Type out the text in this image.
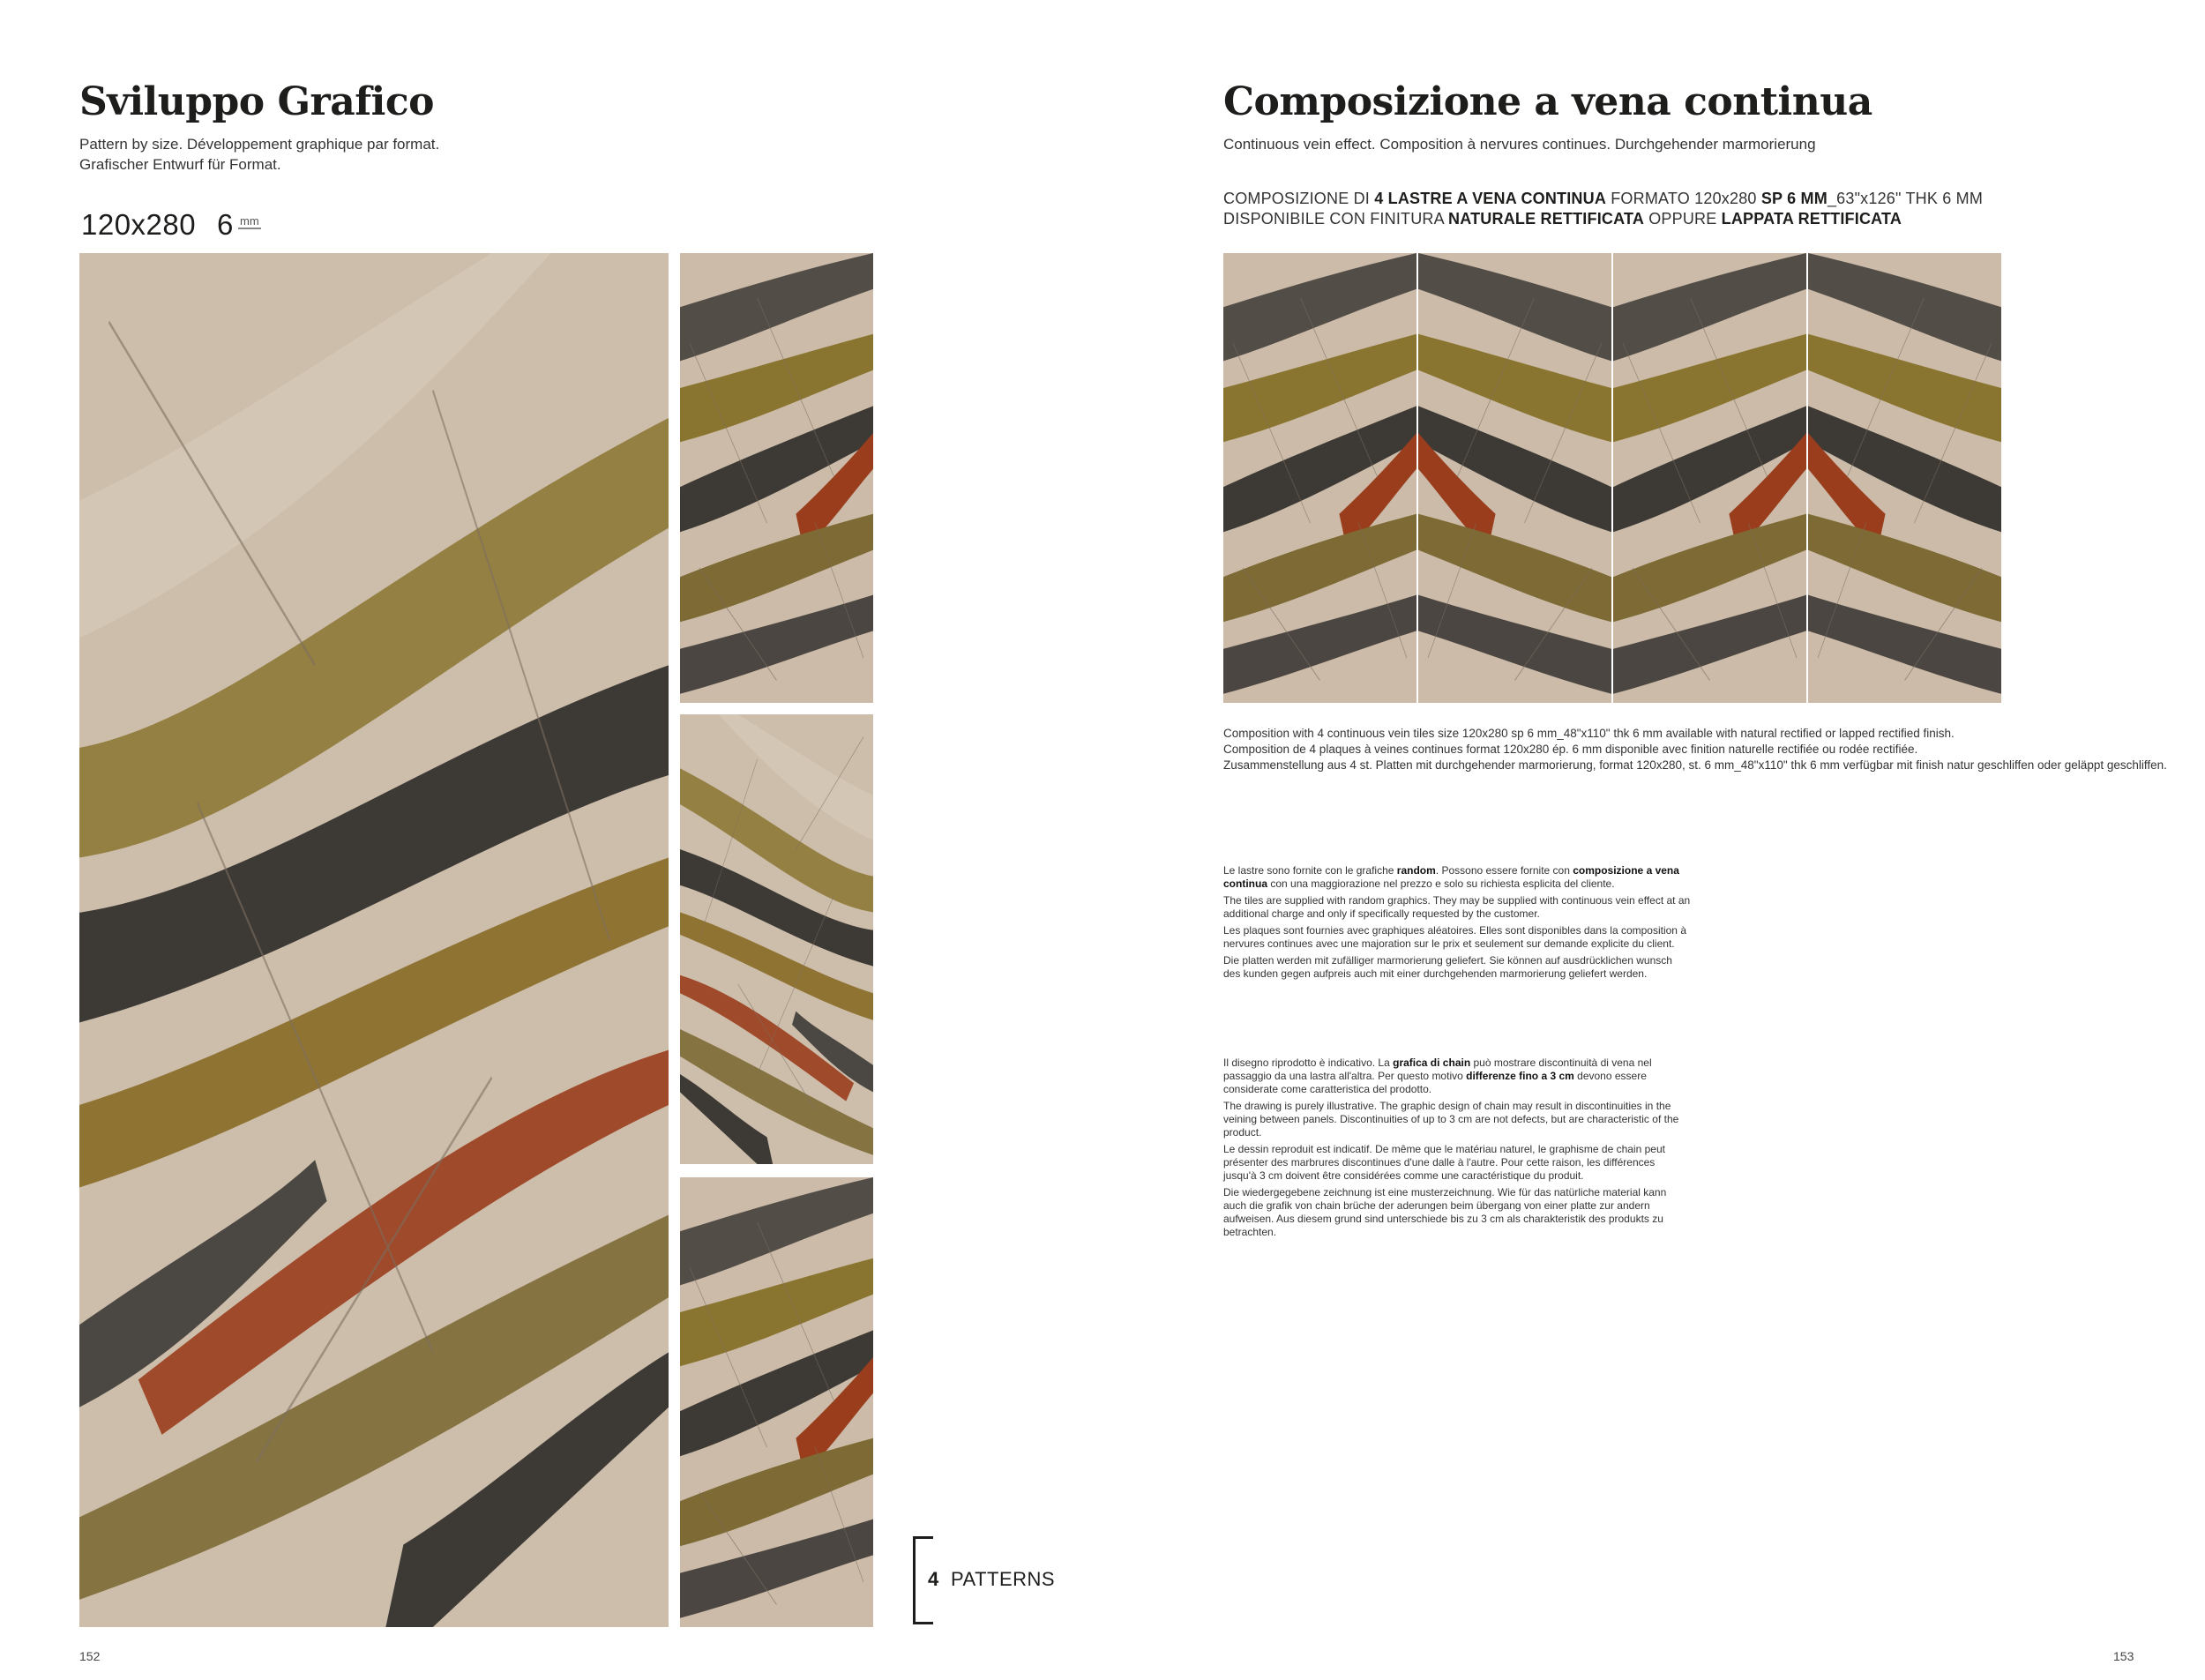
Sviluppo Grafico
Pattern by size. Développement graphique par format.
Grafischer Entwurf für Format.
120x280 6 mm
4 PATTERNS
152
Composizione a vena continua
Continuous vein effect. Composition à nervures continues. Durchgehender marmorierung
COMPOSIZIONE DI 4 LASTRE A VENA CONTINUA FORMATO 120x280 SP 6 MM_63"x126" THK 6 MM
DISPONIBILE CON FINITURA NATURALE RETTIFICATA OPPURE LAPPATA RETTIFICATA
Composition with 4 continuous vein tiles size 120x280 sp 6 mm_48"x110" thk 6 mm available with natural rectified or lapped rectified finish.
Composition de 4 plaques à veines continues format 120x280 ép. 6 mm disponible avec finition naturelle rectifiée ou rodée rectifiée.
Zusammenstellung aus 4 st. Platten mit durchgehender marmorierung, format 120x280, st. 6 mm_48"x110" thk 6 mm verfügbar mit finish natur geschliffen oder geläppt geschliffen.

Le lastre sono fornite con le grafiche random. Possono essere fornite con composizione a vena continua con una maggiorazione nel prezzo e solo su richiesta esplicita del cliente.

The tiles are supplied with random graphics. They may be supplied with continuous vein effect at an additional charge and only if specifically requested by the customer.

Les plaques sont fournies avec graphiques aléatoires. Elles sont disponibles dans la composition à nervures continues avec une majoration sur le prix et seulement sur demande explicite du client.

Die platten werden mit zufälliger marmorierung geliefert. Sie können auf ausdrücklichen wunsch des kunden gegen aufpreis auch mit einer durchgehenden marmorierung geliefert werden.

Il disegno riprodotto è indicativo. La grafica di chain può mostrare discontinuità di vena nel passaggio da una lastra all'altra. Per questo motivo differenze fino a 3 cm devono essere considerate come caratteristica del prodotto.

The drawing is purely illustrative. The graphic design of chain may result in discontinuities in the veining between panels. Discontinuities of up to 3 cm are not defects, but are characteristic of the product.

Le dessin reproduit est indicatif. De même que le matériau naturel, le graphisme de chain peut présenter des marbrures discontinues d'une dalle à l'autre. Pour cette raison, les différences jusqu'à 3 cm doivent être considérées comme une caractéristique du produit.

Die wiedergegebene zeichnung ist eine musterzeichnung. Wie für das natürliche material kann auch die grafik von chain brüche der aderungen beim übergang von einer platte zur andern aufweisen. Aus diesem grund sind unterschiede bis zu 3 cm als charakteristik des produkts zu betrachten.

153
